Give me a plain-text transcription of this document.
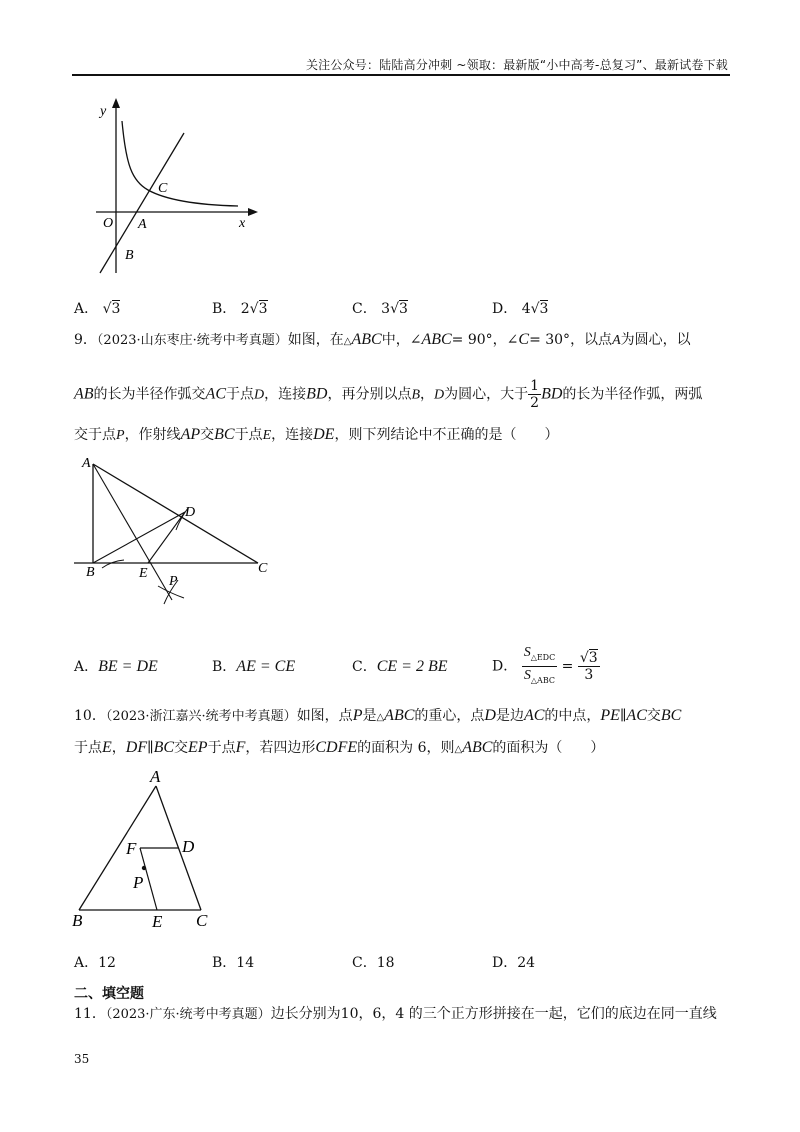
关注公众号：陆陆高分冲刺 ~领取：最新版“小中高考-总复习”、最新试卷下载
y
x
O A
B
C
A． √3	B． 2√3	C． 3√3	D． 4√3
9．（2023·山东枣庄·统考中考真题）如图，在△ABC中，∠ABC= 90°，∠C= 30°，以点A为圆心，以
AB的长为半径作弧交AC于点D，连接BD，再分别以点B，D为圆心，大于 $\frac{1}{2}$ BD的长为半径作弧，两弧
交于点P，作射线AP交BC于点E，连接DE，则下列结论中不正确的是（　　）
A
B	C
D
E
P
A．BE = DE	B．AE = CE	C．CE = 2 BE	D． $\frac{S_{\triangle EDC}}{S_{\triangle ABC}} = \frac{√3}{3}$
10．（2023·浙江嘉兴·统考中考真题）如图，点P是△ABC的重心，点D是边AC的中点，PE∥AC交BC
于点E，DF∥BC交EP于点F，若四边形CDFE的面积为 6，则△ABC的面积为（　　）
A
B	C
D
E
F
P
A．12	B．14	C．18	D．24
二、填空题
11．（2023·广东·统考中考真题）边长分别为10，6，4 的三个正方形拼接在一起，它们的底边在同一直线
35
